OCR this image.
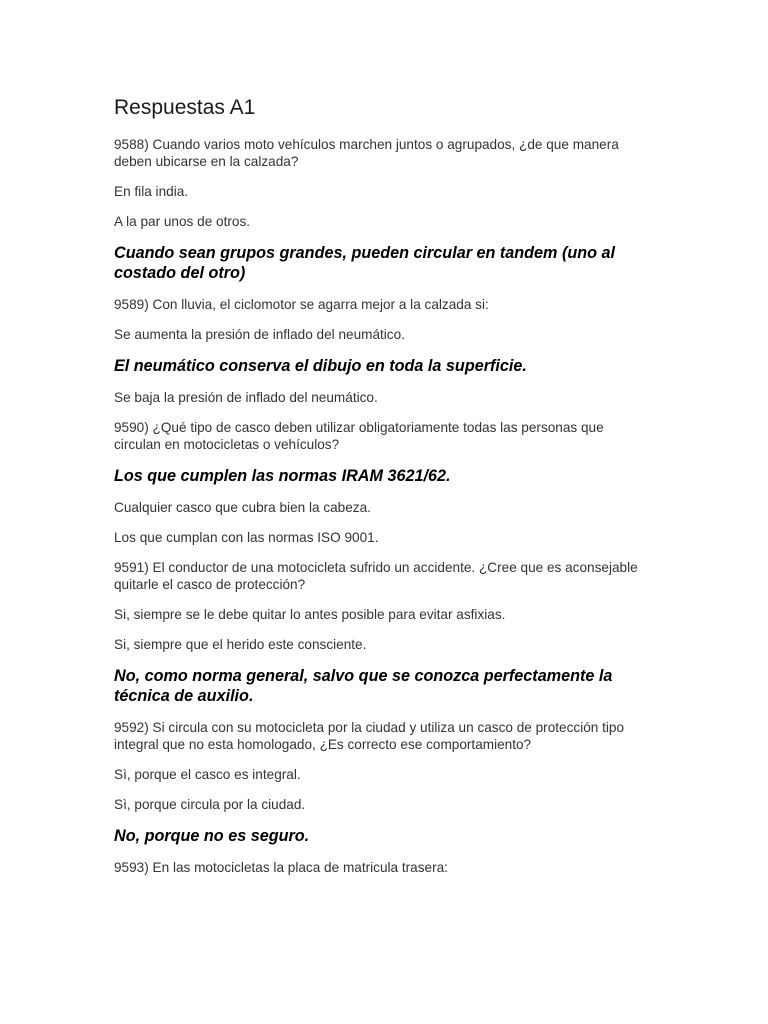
Respuestas A1

9588) Cuando varios moto vehículos marchen juntos o agrupados, ¿de que manera deben ubicarse en la calzada?

En fila india.

A la par unos de otros.

Cuando sean grupos grandes, pueden circular en tandem (uno al costado del otro)

9589) Con lluvia, el ciclomotor se agarra mejor a la calzada si:

Se aumenta la presión de inflado del neumático.

El neumático conserva el dibujo en toda la superficie.

Se baja la presión de inflado del neumático.

9590) ¿Qué tipo de casco deben utilizar obligatoriamente todas las personas que circulan en motocicletas o vehículos?

Los que cumplen las normas IRAM 3621/62.

Cualquier casco que cubra bien la cabeza.

Los que cumplan con las normas ISO 9001.

9591) El conductor de una motocicleta sufrido un accidente. ¿Cree que es aconsejable quitarle el casco de protección?

Si, siempre se le debe quitar lo antes posible para evitar asfixias.

Si, siempre que el herido este consciente.

No, como norma general, salvo que se conozca perfectamente la técnica de auxilio.

9592) Si circula con su motocicleta por la ciudad y utiliza un casco de protección tipo integral que no esta homologado, ¿Es correcto ese comportamiento?

Sì, porque el casco es integral.

Sì, porque circula por la ciudad.

No, porque no es seguro.

9593) En las motocicletas la placa de matricula trasera:
